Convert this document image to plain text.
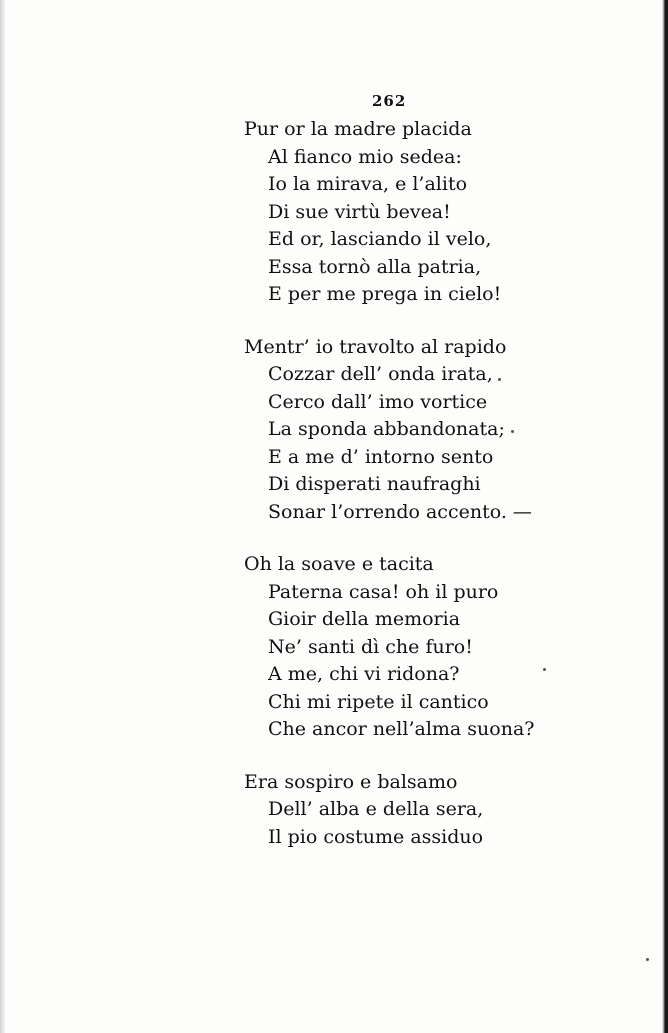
262
Pur or la madre placida
Al fianco mio sedea:
Io la mirava, e l’alito
Di sue virtù bevea!
Ed or, lasciando il velo,
Essa tornò alla patria,
E per me prega in cielo!
Mentr’ io travolto al rapido
Cozzar dell’ onda irata,
Cerco dall’ imo vortice
La sponda abbandonata;
E a me d’ intorno sento
Di disperati naufraghi
Sonar l’orrendo accento. —
Oh la soave e tacita
Paterna casa! oh il puro
Gioir della memoria
Ne’ santi dì che furo!
A me, chi vi ridona?
Chi mi ripete il cantico
Che ancor nell’alma suona?
Era sospiro e balsamo
Dell’ alba e della sera,
Il pio costume assiduo
